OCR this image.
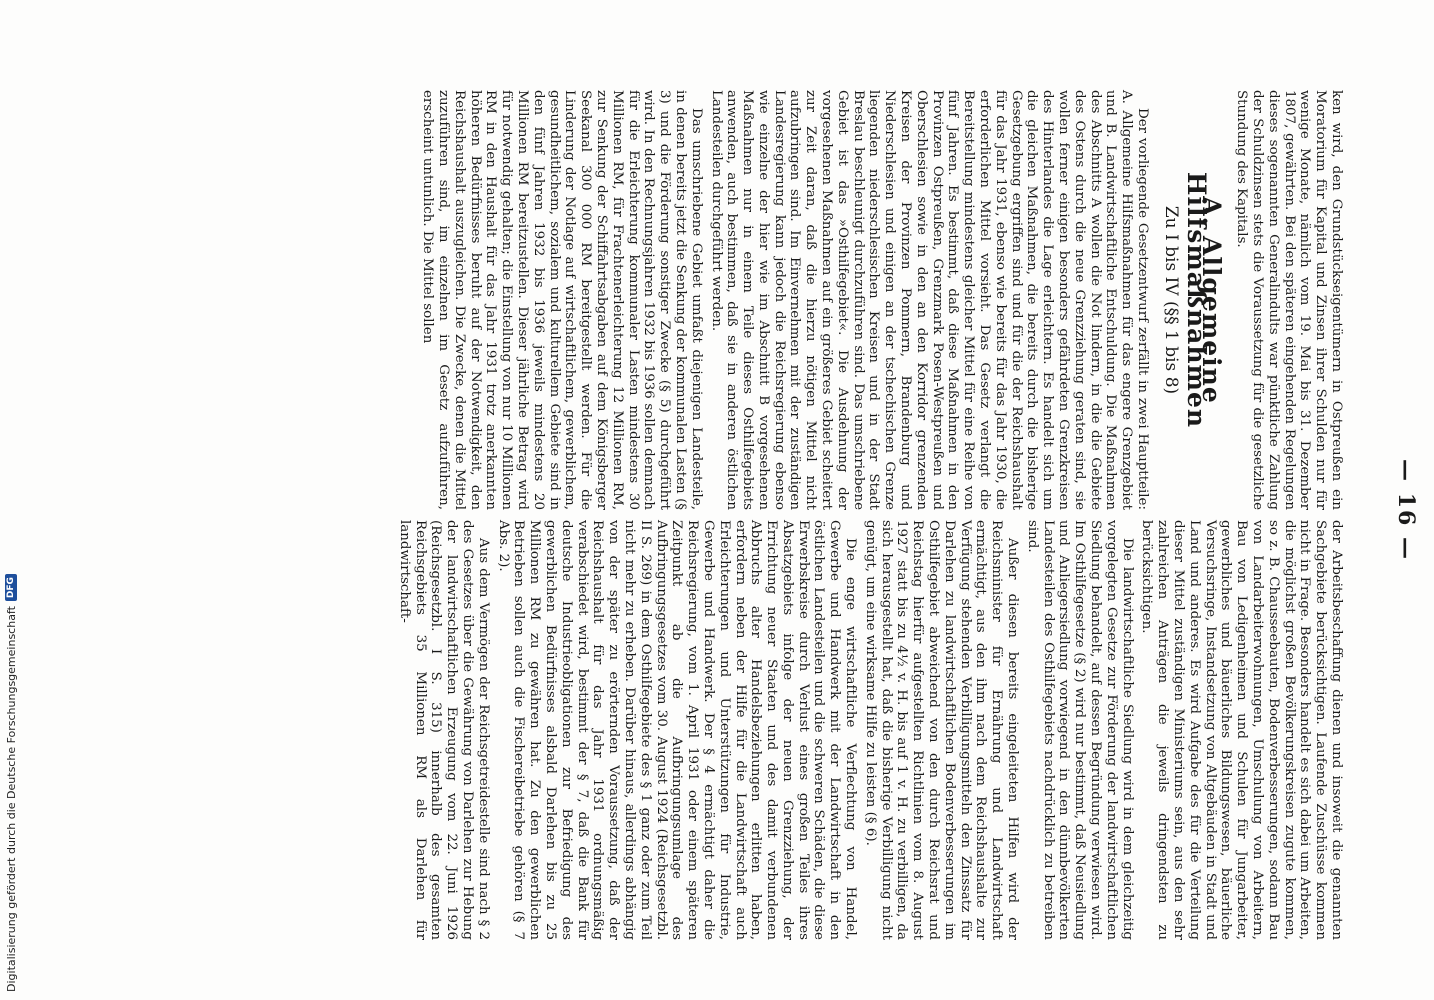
— 16 —

ken wird, den Grundstückseigentümern in Ostpreußen ein Moratorium für Kapital und Zinsen ihrer Schulden nur für wenige Monate, nämlich vom 19. Mai bis 31. Dezember 1807, gewährten. Bei den späteren eingehenden Regelungen dieses sogenannten Generalindults war pünktliche Zahlung der Schuldzinsen stets die Voraussetzung für die gesetzliche Stundung des Kapitals.

A. Allgemeine Hilfsmaßnahmen
Zu I bis IV (§§ 1 bis 8)

Der vorliegende Gesetzentwurf zerfällt in zwei Hauptteile: A. Allgemeine Hilfsmaßnahmen für das engere Grenzgebiet und B. Landwirtschaftliche Entschuldung. Die Maßnahmen des Abschnitts A wollen die Not lindern, in die die Gebiete des Ostens durch die neue Grenzziehung geraten sind, sie wollen ferner einigen besonders gefährdeten Grenzkreisen des Hinterlandes die Lage erleichtern. Es handelt sich um die gleichen Maßnahmen, die bereits durch die bisherige Gesetzgebung ergriffen sind und für die der Reichshaushalt für das Jahr 1931, ebenso wie bereits für das Jahr 1930, die erforderlichen Mittel vorsieht. Das Gesetz verlangt die Bereitstellung mindestens gleicher Mittel für eine Reihe von fünf Jahren. Es bestimmt, daß diese Maßnahmen in den Provinzen Ostpreußen, Grenzmark Posen-Westpreußen und Oberschlesien sowie in den an den Korridor grenzenden Kreisen der Provinzen Pommern, Brandenburg und Niederschlesien und einigen an der tschechischen Grenze liegenden niederschlesischen Kreisen und in der Stadt Breslau beschleunigt durchzuführen sind. Das umschriebene Gebiet ist das »Osthilfegebiet«. Die Ausdehnung der vorgesehenen Maßnahmen auf ein größeres Gebiet scheitert zur Zeit daran, daß die hierzu nötigen Mittel nicht aufzubringen sind. Im Einvernehmen mit der zuständigen Landesregierung kann jedoch die Reichsregierung ebenso wie einzelne der hier wie im Abschnitt B vorgesehenen Maßnahmen nur in einem Teile dieses Osthilfegebiets anwenden, auch bestimmen, daß sie in anderen östlichen Landesteilen durchgeführt werden.

Das umschriebene Gebiet umfaßt diejenigen Landesteile, in denen bereits jetzt die Senkung der kommunalen Lasten (§ 3) und die Förderung sonstiger Zwecke (§ 5) durchgeführt wird. In den Rechnungsjahren 1932 bis 1936 sollen demnach für die Erleichterung kommunaler Lasten mindestens 30 Millionen RM, für Frachtenerleichterung 12 Millionen RM, zur Senkung der Schiffahrtsabgaben auf dem Königsberger Seekanal 300 000 RM bereitgestellt werden. Für die Linderung der Notlage auf wirtschaftlichem, gewerblichem, gesundheitlichem, sozialem und kulturellem Gebiete sind in den fünf Jahren 1932 bis 1936 jeweils mindestens 20 Millionen RM bereitzustellen. Dieser jährliche Betrag wird für notwendig gehalten; die Einstellung von nur 10 Millionen RM in den Haushalt für das Jahr 1931 trotz anerkannten höheren Bedürfnisses beruht auf der Notwendigkeit, den Reichshaushalt auszugleichen. Die Zwecke, denen die Mittel zuzuführen sind, im einzelnen im Gesetz aufzuführen, erscheint untunlich. Die Mittel sollen

der Arbeitsbeschaffung dienen und insoweit die genannten Sachgebiete berücksichtigen. Laufende Zuschüsse kommen nicht in Frage. Besonders handelt es sich dabei um Arbeiten, die möglichst großen Bevölkerungskreisen zugute kommen, so z. B. Chausseebauten, Bodenverbesserungen, sodann Bau von Landarbeiterwohnungen, Umschulung von Arbeitern, Bau von Ledigenheimen und Schulen für Jungarbeiter, gewerbliches und bäuerliches Bildungswesen, bäuerliche Versuchsringe, Instandsetzung von Altgebäuden in Stadt und Land und anderes. Es wird Aufgabe des für die Verteilung dieser Mittel zuständigen Ministeriums sein, aus den sehr zahlreichen Anträgen die jeweils dringendsten zu berücksichtigen.

Die landwirtschaftliche Siedlung wird in dem gleichzeitig vorgelegten Gesetze zur Förderung der landwirtschaftlichen Siedlung behandelt, auf dessen Begründung verwiesen wird. Im Osthilfegesetze (§ 2) wird nur bestimmt, daß Neusiedlung und Anliegersiedlung vorwiegend in den dünnbevölkerten Landesteilen des Osthilfegebiets nachdrücklich zu betreiben sind.

Außer diesen bereits eingeleiteten Hilfen wird der Reichsminister für Ernährung und Landwirtschaft ermächtigt, aus den ihm nach dem Reichshaushalte zur Verfügung stehenden Verbilligungsmitteln den Zinssatz für Darlehen zu landwirtschaftlichen Bodenverbesserungen im Osthilfegebiet abweichend von den durch Reichsrat und Reichstag hierfür aufgestellten Richtlinien vom 8. August 1927 statt bis zu 4½ v. H. bis auf 1 v. H. zu verbilligen, da sich herausgestellt hat, daß die bisherige Verbilligung nicht genügt, um eine wirksame Hilfe zu leisten (§ 6).

Die enge wirtschaftliche Verflechtung von Handel, Gewerbe und Handwerk mit der Landwirtschaft in den östlichen Landesteilen und die schweren Schäden, die diese Erwerbskreise durch Verlust eines großen Teiles ihres Absatzgebiets infolge der neuen Grenzziehung, der Errichtung neuer Staaten und des damit verbundenen Abbruchs alter Handelsbeziehungen erlitten haben, erfordern neben der Hilfe für die Landwirtschaft auch Erleichterungen und Unterstützungen für Industrie, Gewerbe und Handwerk. Der § 4 ermächtigt daher die Reichsregierung, vom 1. April 1931 oder einem späteren Zeitpunkt ab die Aufbringungsumlage des Aufbringungsgesetzes vom 30. August 1924 (Reichsgesetzbl. II S. 269) in dem Osthilfegebiete des § 1 ganz oder zum Teil nicht mehr zu erheben. Darüber hinaus, allerdings abhängig von der später zu erörternden Voraussetzung, daß der Reichshaushalt für das Jahr 1931 ordnungsmäßig verabschiedet wird, bestimmt der § 7, daß die Bank für deutsche Industrieobligationen zur Befriedigung des gewerblichen Bedürfnisses alsbald Darlehen bis zu 25 Millionen RM zu gewähren hat. Zu den gewerblichen Betrieben sollen auch die Fischereibetriebe gehören (§ 7 Abs. 2).

Aus dem Vermögen der Reichsgetreidestelle sind nach § 2 des Gesetzes über die Gewährung von Darlehen zur Hebung der landwirtschaftlichen Erzeugung vom 22. Juni 1926 (Reichsgesetzbl. I S. 315) innerhalb des gesamten Reichsgebiets 35 Millionen RM als Darlehen für landwirtschaft-

Digitalisierung gefördert durch die Deutsche Forschungsgemeinschaft
DFG
